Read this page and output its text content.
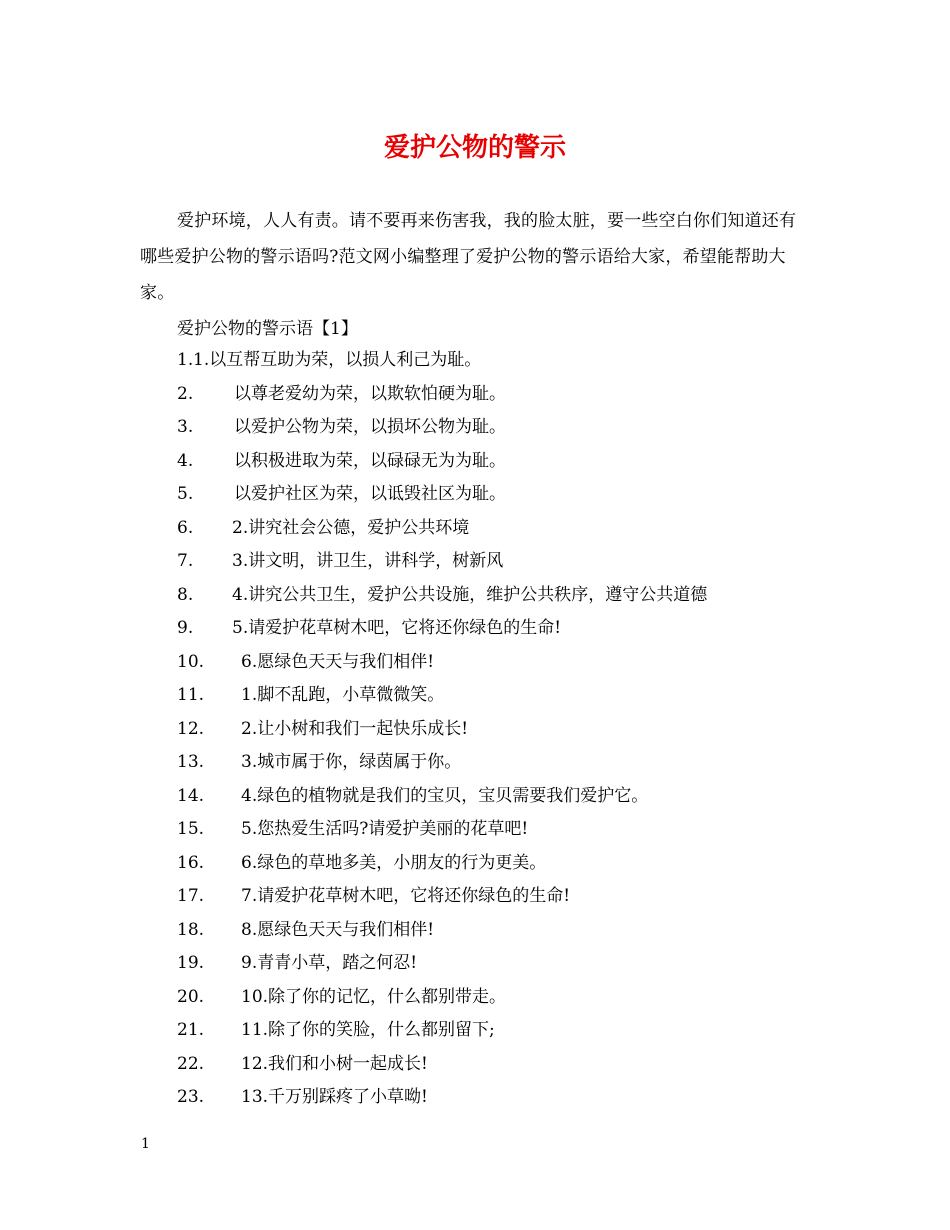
爱护公物的警示
爱护环境，人人有责。请不要再来伤害我，我的脸太脏，要一些空白你们知道还有哪些爱护公物的警示语吗?范文网小编整理了爱护公物的警示语给大家，希望能帮助大家。
爱护公物的警示语【1】
1. 1.以互帮互助为荣，以损人利己为耻。
2. 以尊老爱幼为荣，以欺软怕硬为耻。
3. 以爱护公物为荣，以损坏公物为耻。
4. 以积极进取为荣，以碌碌无为为耻。
5. 以爱护社区为荣，以诋毁社区为耻。
6. 2.讲究社会公德，爱护公共环境
7. 3.讲文明，讲卫生，讲科学，树新风
8. 4.讲究公共卫生，爱护公共设施，维护公共秩序，遵守公共道德
9. 5.请爱护花草树木吧，它将还你绿色的生命!
10. 6.愿绿色天天与我们相伴!
11. 1.脚不乱跑，小草微微笑。
12. 2.让小树和我们一起快乐成长!
13. 3.城市属于你，绿茵属于你。
14. 4.绿色的植物就是我们的宝贝，宝贝需要我们爱护它。
15. 5.您热爱生活吗?请爱护美丽的花草吧!
16. 6.绿色的草地多美，小朋友的行为更美。
17. 7.请爱护花草树木吧，它将还你绿色的生命!
18. 8.愿绿色天天与我们相伴!
19. 9.青青小草，踏之何忍!
20. 10.除了你的记忆，什么都别带走。
21. 11.除了你的笑脸，什么都别留下;
22. 12.我们和小树一起成长!
23. 13.千万别踩疼了小草呦!
1
